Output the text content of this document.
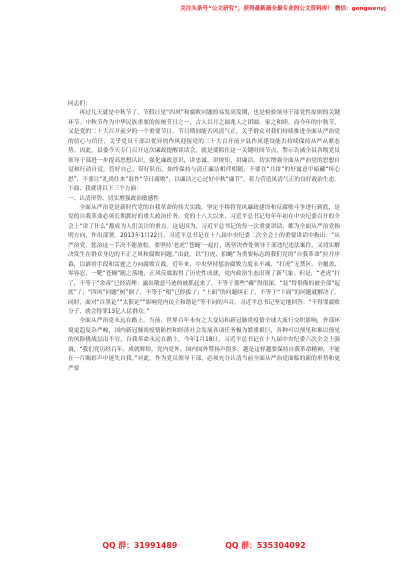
关注头条号“公文研究”，获得最新最全最专业的公文资料库！ 微信：gongwenyj

同志们：

再过几天就是中秋节了。节假日是“四风”和腐败问题的易发高发期，也是检验领导干部党性原则的关键环节。中秋节作为中华民族重要的传统节日之一，古人以月之圆兆人之团圆，家之和睦。而今年的中秋节，又是党的二十大召开前夕的一个重要节日。节日期间能否风清气正，关乎群众对我们持续推进全面从严治党的信心与信任，关乎党员干部以优异的作风迎接党的二十大召开前夕县作风建设能否持续保持从严从紧态势。因此，县委今天专门召开这次廉政提醒谈话会，就是要抓住这一关键时间节点，警示告诫全县各级党员领导干部进一步提高思想认识，强化廉政意识，讲忠诚、讲规矩、讲廉洁，切实增强全面从严治党的思想自觉和行动自觉，管好自己、带好队伍，始终保持与清正廉洁相伴相随，不要在“月饼”的好寓意中暗藏“坏心思”，不要让“礼尚往来”混作“节日腐败”，以廉洁之心过好中秋“廉节”，着力营造风清气正的良好政治生态。下面，我就讲以下三个方面：

一、认清形势、切实增强政治敏感性

全面从严治党是新时代党的自我革命的伟大实践，坚定不移将党风廉政建设和反腐败斗争进行到底，是党的自我革命必须长期抓好的重大政治任务。党的十八大以来，习近平总书记每年年初在中央纪委召开的全会上“讲了什么”都成为人们关注的重点。这是因为，习近平总书记的每一次重要讲话，都为全面从严治党指明方向，作出部署。2013年1月22日，习近平总书记在十八届中央纪委二次全会上的重要讲话中指出：“从严治党，惩治这一手决不能放松。要坚持‘老虎’‘苍蝇’一起打，既坚决查处领导干部违纪违法案件，又切实解决发生在群众身边的不正之风和腐败问题。”由此，以“打虎、拍蝇”为重要标志的我们党的“自我革命”拉开序幕，以霹雳手段和雷霆之力向腐败宣战。近年来，中央坚持惩治腐败力度永不减，“打虎”无禁区、全覆盖、零容忍，一靶“苍蝇”随之落地，正风反腐取得了历史性成就，党内政治生态出现了新气象。但是，“老虎”打了，不等于“余毒”已经清理：露出敬意马迹的被抓起来了，不等于那些“藏”得很深、“装”得很像的被全部“起底”了；“四风”问题“树”倒了，不等于“根”已经拔了；“上面”的问题纠正了，不等于“下面”的问题就解决了。同时，面对“自黑论”“太狠论”“影响党内民主和谐论”等不同的声音，习近平总书记坚定地回答：“不得罪腐败分子，就会得罪13亿人民群众。”

全面从严治党永远在路上。当前，世界百年未有之大变局和新冠肺炎疫情全球大流行交织影响，外部环境更趋复杂严峻，国内新冠肺炎疫情防控和经济社会发展各项任务极为繁重艰巨，各种可以预见和难以预见的风险挑战层出不穷，自我革命永远在路上。今年1月18日，习近平总书记在十九届中央纪委六次全会上强调，“我们党历经百年、成就辉煌，党内党外、国内国外赞扬声很多。越是这样越要保持自我革命精神，不能在一片喝彩声中迷失自我。”对此，作为党员领导干部，必须充分认清当前全面从严治党面临的新的形势和更严要

QQ 群：31991489	QQ 群：535304092
